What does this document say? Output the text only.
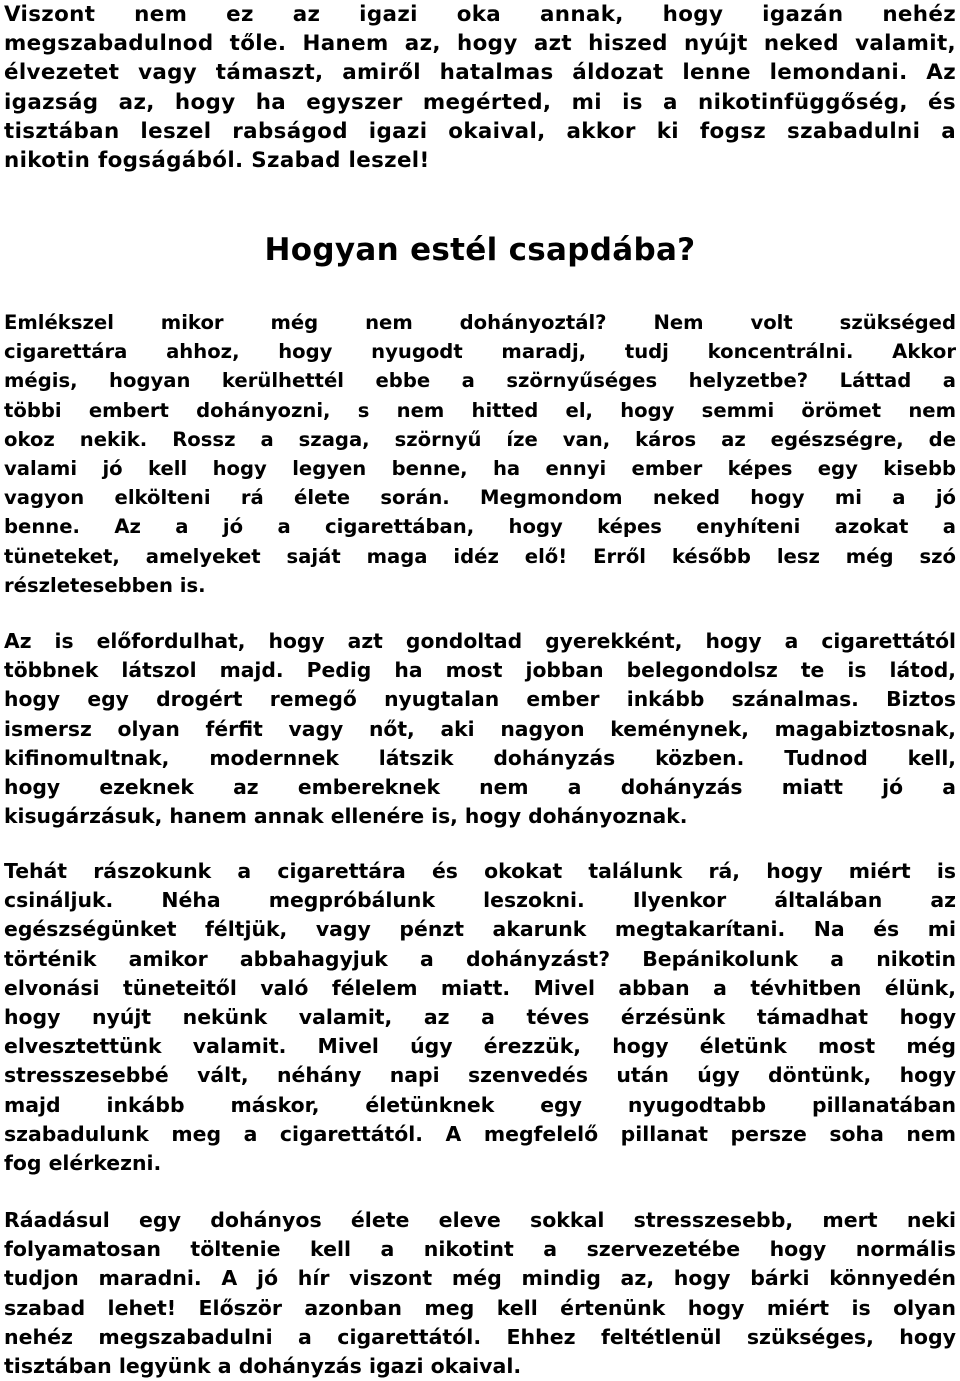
Viszont nem ez az igazi oka annak, hogy igazán nehéz
megszabadulnod tőle. Hanem az, hogy azt hiszed nyújt neked valamit,
élvezetet vagy támaszt, amiről hatalmas áldozat lenne lemondani. Az
igazság az, hogy ha egyszer megérted, mi is a nikotinfüggőség, és
tisztában leszel rabságod igazi okaival, akkor ki fogsz szabadulni a
nikotin fogságából. Szabad leszel!
Hogyan estél csapdába?
Emlékszel mikor még nem dohányoztál? Nem volt szükséged
cigarettára ahhoz, hogy nyugodt maradj, tudj koncentrálni. Akkor
mégis, hogyan kerülhettél ebbe a szörnyűséges helyzetbe? Láttad a
többi embert dohányozni, s nem hitted el, hogy semmi örömet nem
okoz nekik. Rossz a szaga, szörnyű íze van, káros az egészségre, de
valami jó kell hogy legyen benne, ha ennyi ember képes egy kisebb
vagyon elkölteni rá élete során. Megmondom neked hogy mi a jó
benne. Az a jó a cigarettában, hogy képes enyhíteni azokat a
tüneteket, amelyeket saját maga idéz elő! Erről később lesz még szó
részletesebben is.
Az is előfordulhat, hogy azt gondoltad gyerekként, hogy a cigarettától
többnek látszol majd. Pedig ha most jobban belegondolsz te is látod,
hogy egy drogért remegő nyugtalan ember inkább szánalmas. Biztos
ismersz olyan férfit vagy nőt, aki nagyon keménynek, magabiztosnak,
kifinomultnak, modernnek látszik dohányzás közben. Tudnod kell,
hogy ezeknek az embereknek nem a dohányzás miatt jó a
kisugárzásuk, hanem annak ellenére is, hogy dohányoznak.
Tehát rászokunk a cigarettára és okokat találunk rá, hogy miért is
csináljuk. Néha megpróbálunk leszokni. Ilyenkor általában az
egészségünket féltjük, vagy pénzt akarunk megtakarítani. Na és mi
történik amikor abbahagyjuk a dohányzást? Bepánikolunk a nikotin
elvonási tüneteitől való félelem miatt. Mivel abban a tévhitben élünk,
hogy nyújt nekünk valamit, az a téves érzésünk támadhat hogy
elvesztettünk valamit. Mivel úgy érezzük, hogy életünk most még
stresszesebbé vált, néhány napi szenvedés után úgy döntünk, hogy
majd inkább máskor, életünknek egy nyugodtabb pillanatában
szabadulunk meg a cigarettától. A megfelelő pillanat persze soha nem
fog elérkezni.
Ráadásul egy dohányos élete eleve sokkal stresszesebb, mert neki
folyamatosan töltenie kell a nikotint a szervezetébe hogy normális
tudjon maradni. A jó hír viszont még mindig az, hogy bárki könnyedén
szabad lehet! Először azonban meg kell értenünk hogy miért is olyan
nehéz megszabadulni a cigarettától. Ehhez feltétlenül szükséges, hogy
tisztában legyünk a dohányzás igazi okaival.
